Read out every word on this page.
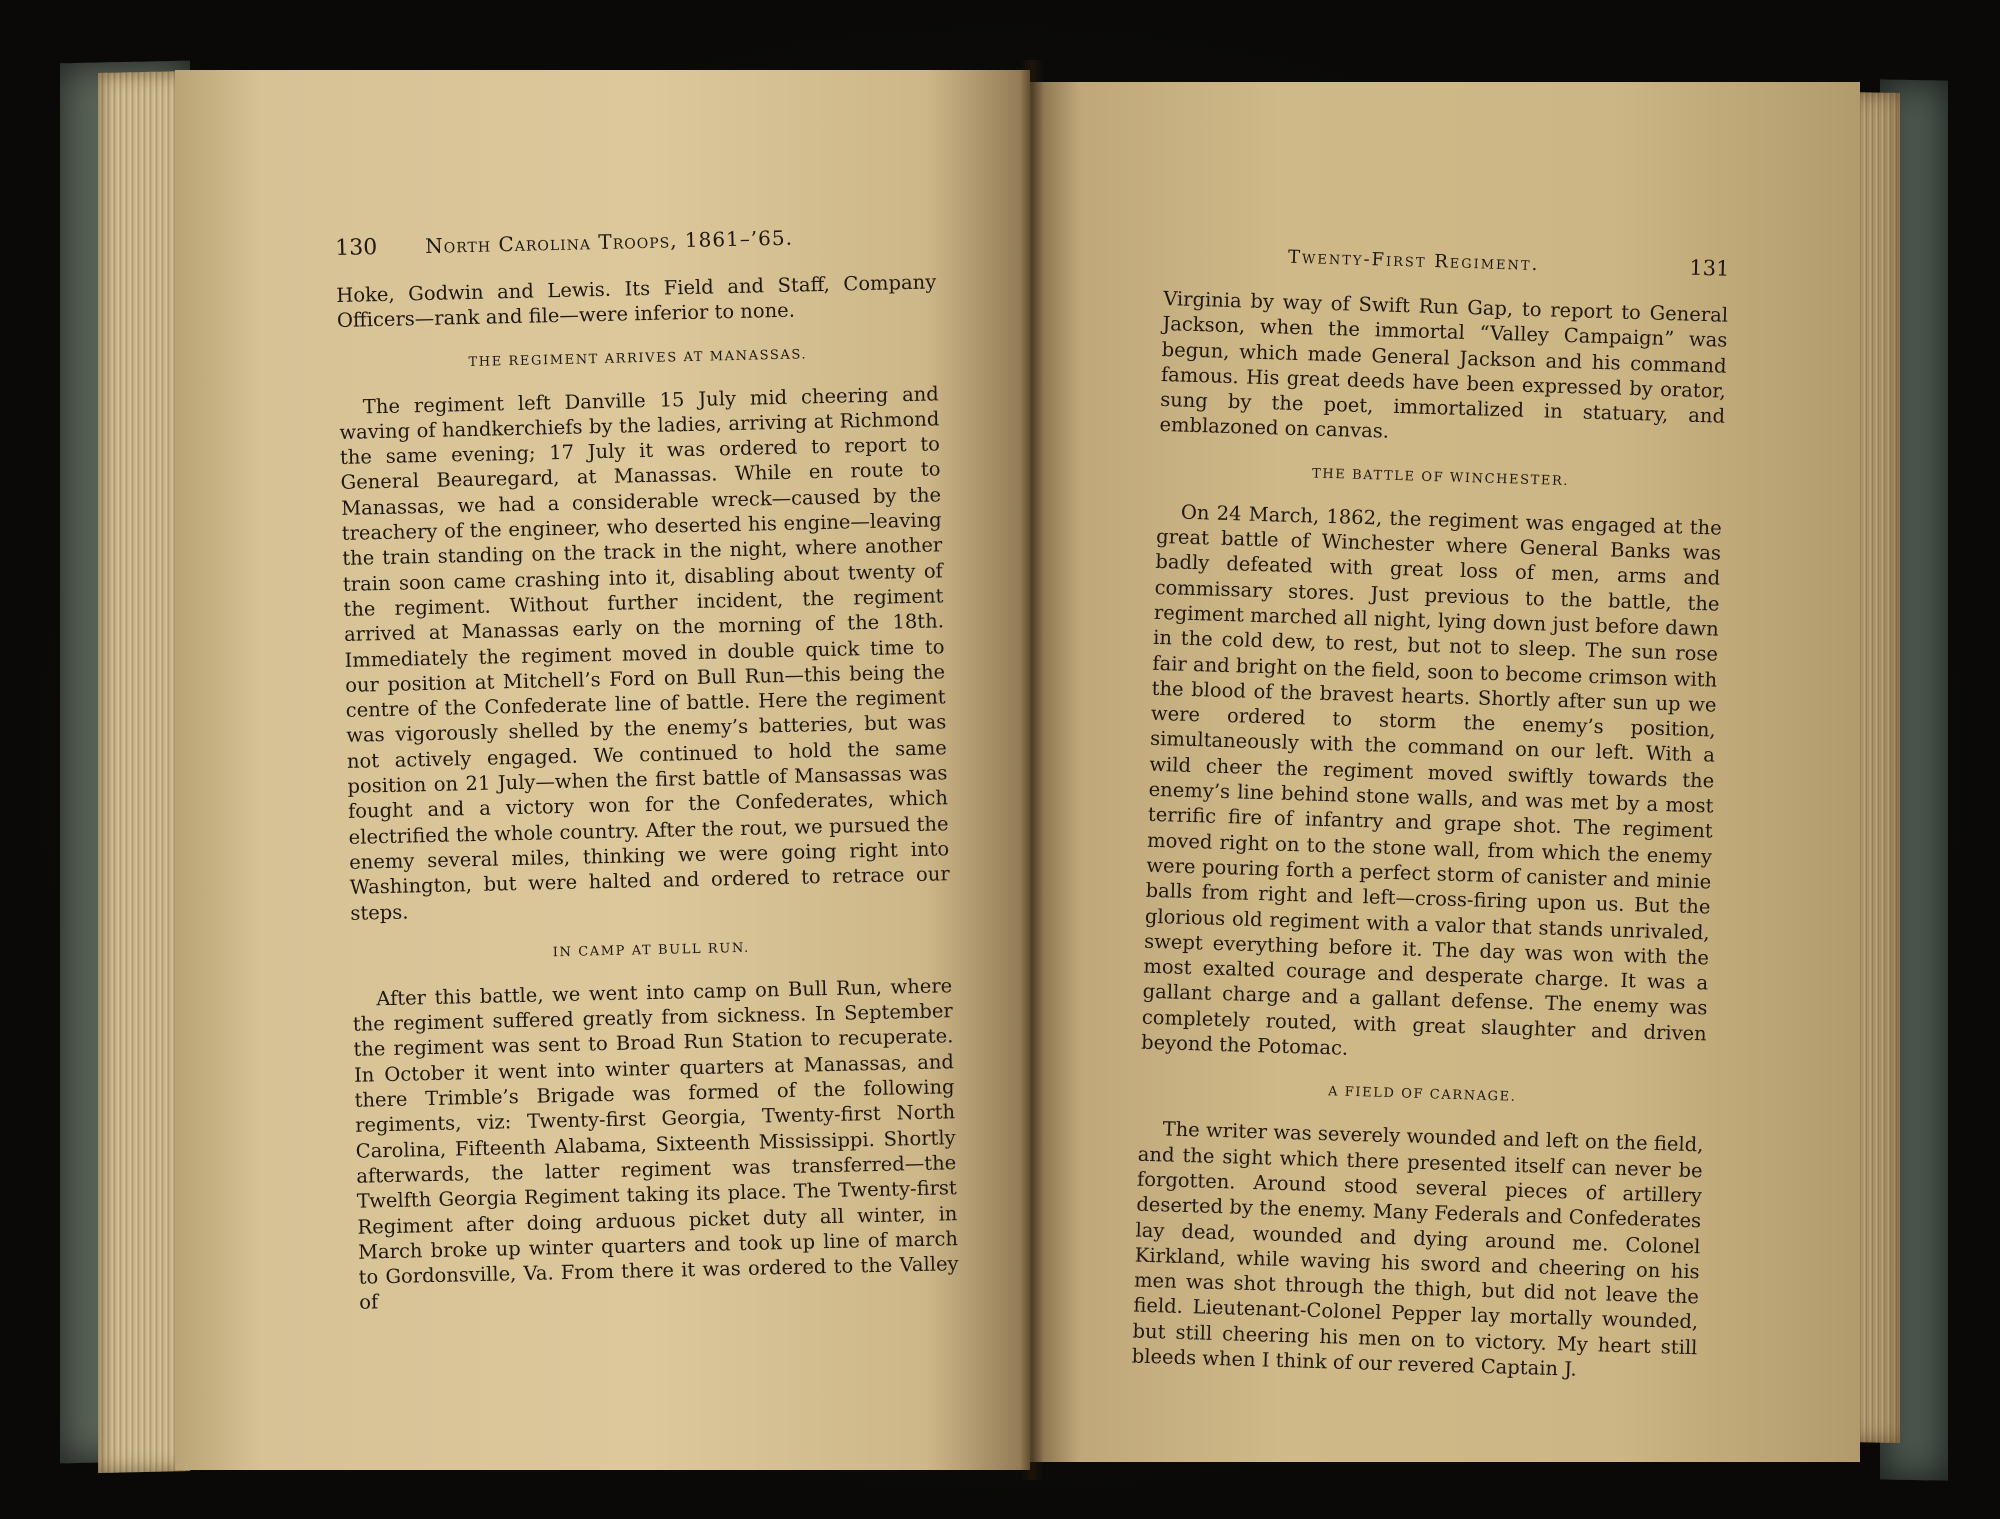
130 North Carolina Troops, 1861–’65.

Hoke, Godwin and Lewis. Its Field and Staff, Company Officers—rank and file—were inferior to none.

THE REGIMENT ARRIVES AT MANASSAS.

The regiment left Danville 15 July mid cheering and waving of handkerchiefs by the ladies, arriving at Richmond the same evening; 17 July it was ordered to report to General Beauregard, at Manassas. While en route to Manassas, we had a considerable wreck—caused by the treachery of the engineer, who deserted his engine—leaving the train standing on the track in the night, where another train soon came crashing into it, disabling about twenty of the regiment. Without further incident, the regiment arrived at Manassas early on the morning of the 18th. Immediately the regiment moved in double quick time to our position at Mitchell’s Ford on Bull Run—this being the centre of the Confederate line of battle. Here the regiment was vigorously shelled by the enemy’s batteries, but was not actively engaged. We continued to hold the same position on 21 July—when the first battle of Mansassas was fought and a victory won for the Confederates, which electrified the whole country. After the rout, we pursued the enemy several miles, thinking we were going right into Washington, but were halted and ordered to retrace our steps.

IN CAMP AT BULL RUN.

After this battle, we went into camp on Bull Run, where the regiment suffered greatly from sickness. In September the regiment was sent to Broad Run Station to recuperate. In October it went into winter quarters at Manassas, and there Trimble’s Brigade was formed of the following regiments, viz: Twenty-first Georgia, Twenty-first North Carolina, Fifteenth Alabama, Sixteenth Mississippi. Shortly afterwards, the latter regiment was transferred—the Twelfth Georgia Regiment taking its place. The Twenty-first Regiment after doing arduous picket duty all winter, in March broke up winter quarters and took up line of march to Gordonsville, Va. From there it was ordered to the Valley of

Twenty-First Regiment.	131

Virginia by way of Swift Run Gap, to report to General Jackson, when the immortal “Valley Campaign” was begun, which made General Jackson and his command famous. His great deeds have been expressed by orator, sung by the poet, immortalized in statuary, and emblazoned on canvas.

THE BATTLE OF WINCHESTER.

On 24 March, 1862, the regiment was engaged at the great battle of Winchester where General Banks was badly defeated with great loss of men, arms and commissary stores. Just previous to the battle, the regiment marched all night, lying down just before dawn in the cold dew, to rest, but not to sleep. The sun rose fair and bright on the field, soon to become crimson with the blood of the bravest hearts. Shortly after sun up we were ordered to storm the enemy’s position, simultaneously with the command on our left. With a wild cheer the regiment moved swiftly towards the enemy’s line behind stone walls, and was met by a most terrific fire of infantry and grape shot. The regiment moved right on to the stone wall, from which the enemy were pouring forth a perfect storm of canister and minie balls from right and left—cross-firing upon us. But the glorious old regiment with a valor that stands unrivaled, swept everything before it. The day was won with the most exalted courage and desperate charge. It was a gallant charge and a gallant defense. The enemy was completely routed, with great slaughter and driven beyond the Potomac.

A FIELD OF CARNAGE.

The writer was severely wounded and left on the field, and the sight which there presented itself can never be forgotten. Around stood several pieces of artillery deserted by the enemy. Many Federals and Confederates lay dead, wounded and dying around me. Colonel Kirkland, while waving his sword and cheering on his men was shot through the thigh, but did not leave the field. Lieutenant-Colonel Pepper lay mortally wounded, but still cheering his men on to victory. My heart still bleeds when I think of our revered Captain J.
